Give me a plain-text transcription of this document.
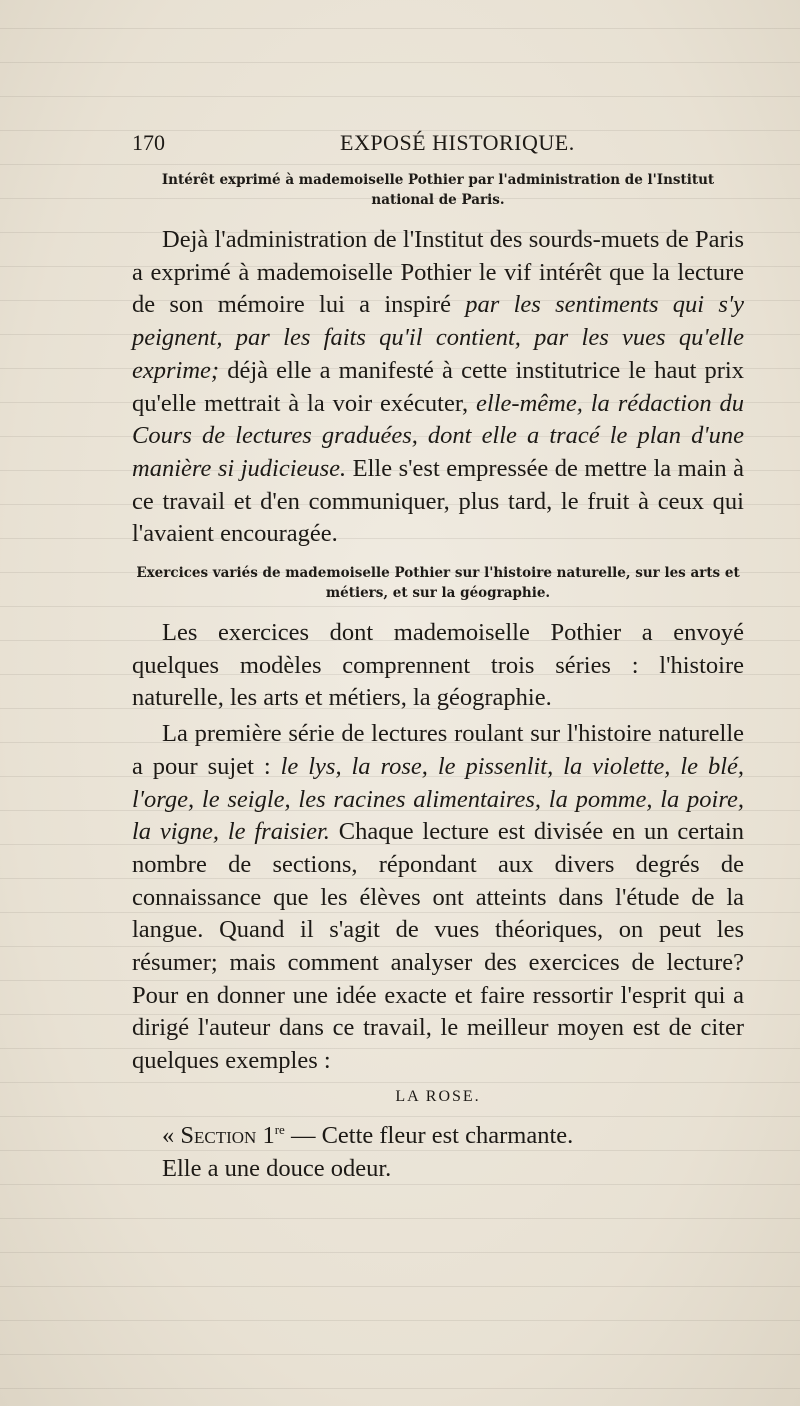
170	EXPOSÉ HISTORIQUE.
Intérêt exprimé à mademoiselle Pothier par l'administration de l'Institut national de Paris.

Dejà l'administration de l'Institut des sourds-muets de Paris a exprimé à mademoiselle Pothier le vif intérêt que la lecture de son mémoire lui a inspiré par les sentiments qui s'y peignent, par les faits qu'il contient, par les vues qu'elle exprime; déjà elle a manifesté à cette institutrice le haut prix qu'elle mettrait à la voir exécuter, elle-même, la rédaction du Cours de lectures graduées, dont elle a tracé le plan d'une manière si judicieuse. Elle s'est empressée de mettre la main à ce travail et d'en communiquer, plus tard, le fruit à ceux qui l'avaient encouragée.

Exercices variés de mademoiselle Pothier sur l'histoire naturelle, sur les arts et métiers, et sur la géographie.

Les exercices dont mademoiselle Pothier a envoyé quelques modèles comprennent trois séries : l'histoire naturelle, les arts et métiers, la géographie.

La première série de lectures roulant sur l'histoire naturelle a pour sujet : le lys, la rose, le pissenlit, la violette, le blé, l'orge, le seigle, les racines alimentaires, la pomme, la poire, la vigne, le fraisier. Chaque lecture est divisée en un certain nombre de sections, répondant aux divers degrés de connaissance que les élèves ont atteints dans l'étude de la langue. Quand il s'agit de vues théoriques, on peut les résumer; mais comment analyser des exercices de lecture? Pour en donner une idée exacte et faire ressortir l'esprit qui a dirigé l'auteur dans ce travail, le meilleur moyen est de citer quelques exemples :

LA ROSE.

« Section 1re — Cette fleur est charmante.

Elle a une douce odeur.
